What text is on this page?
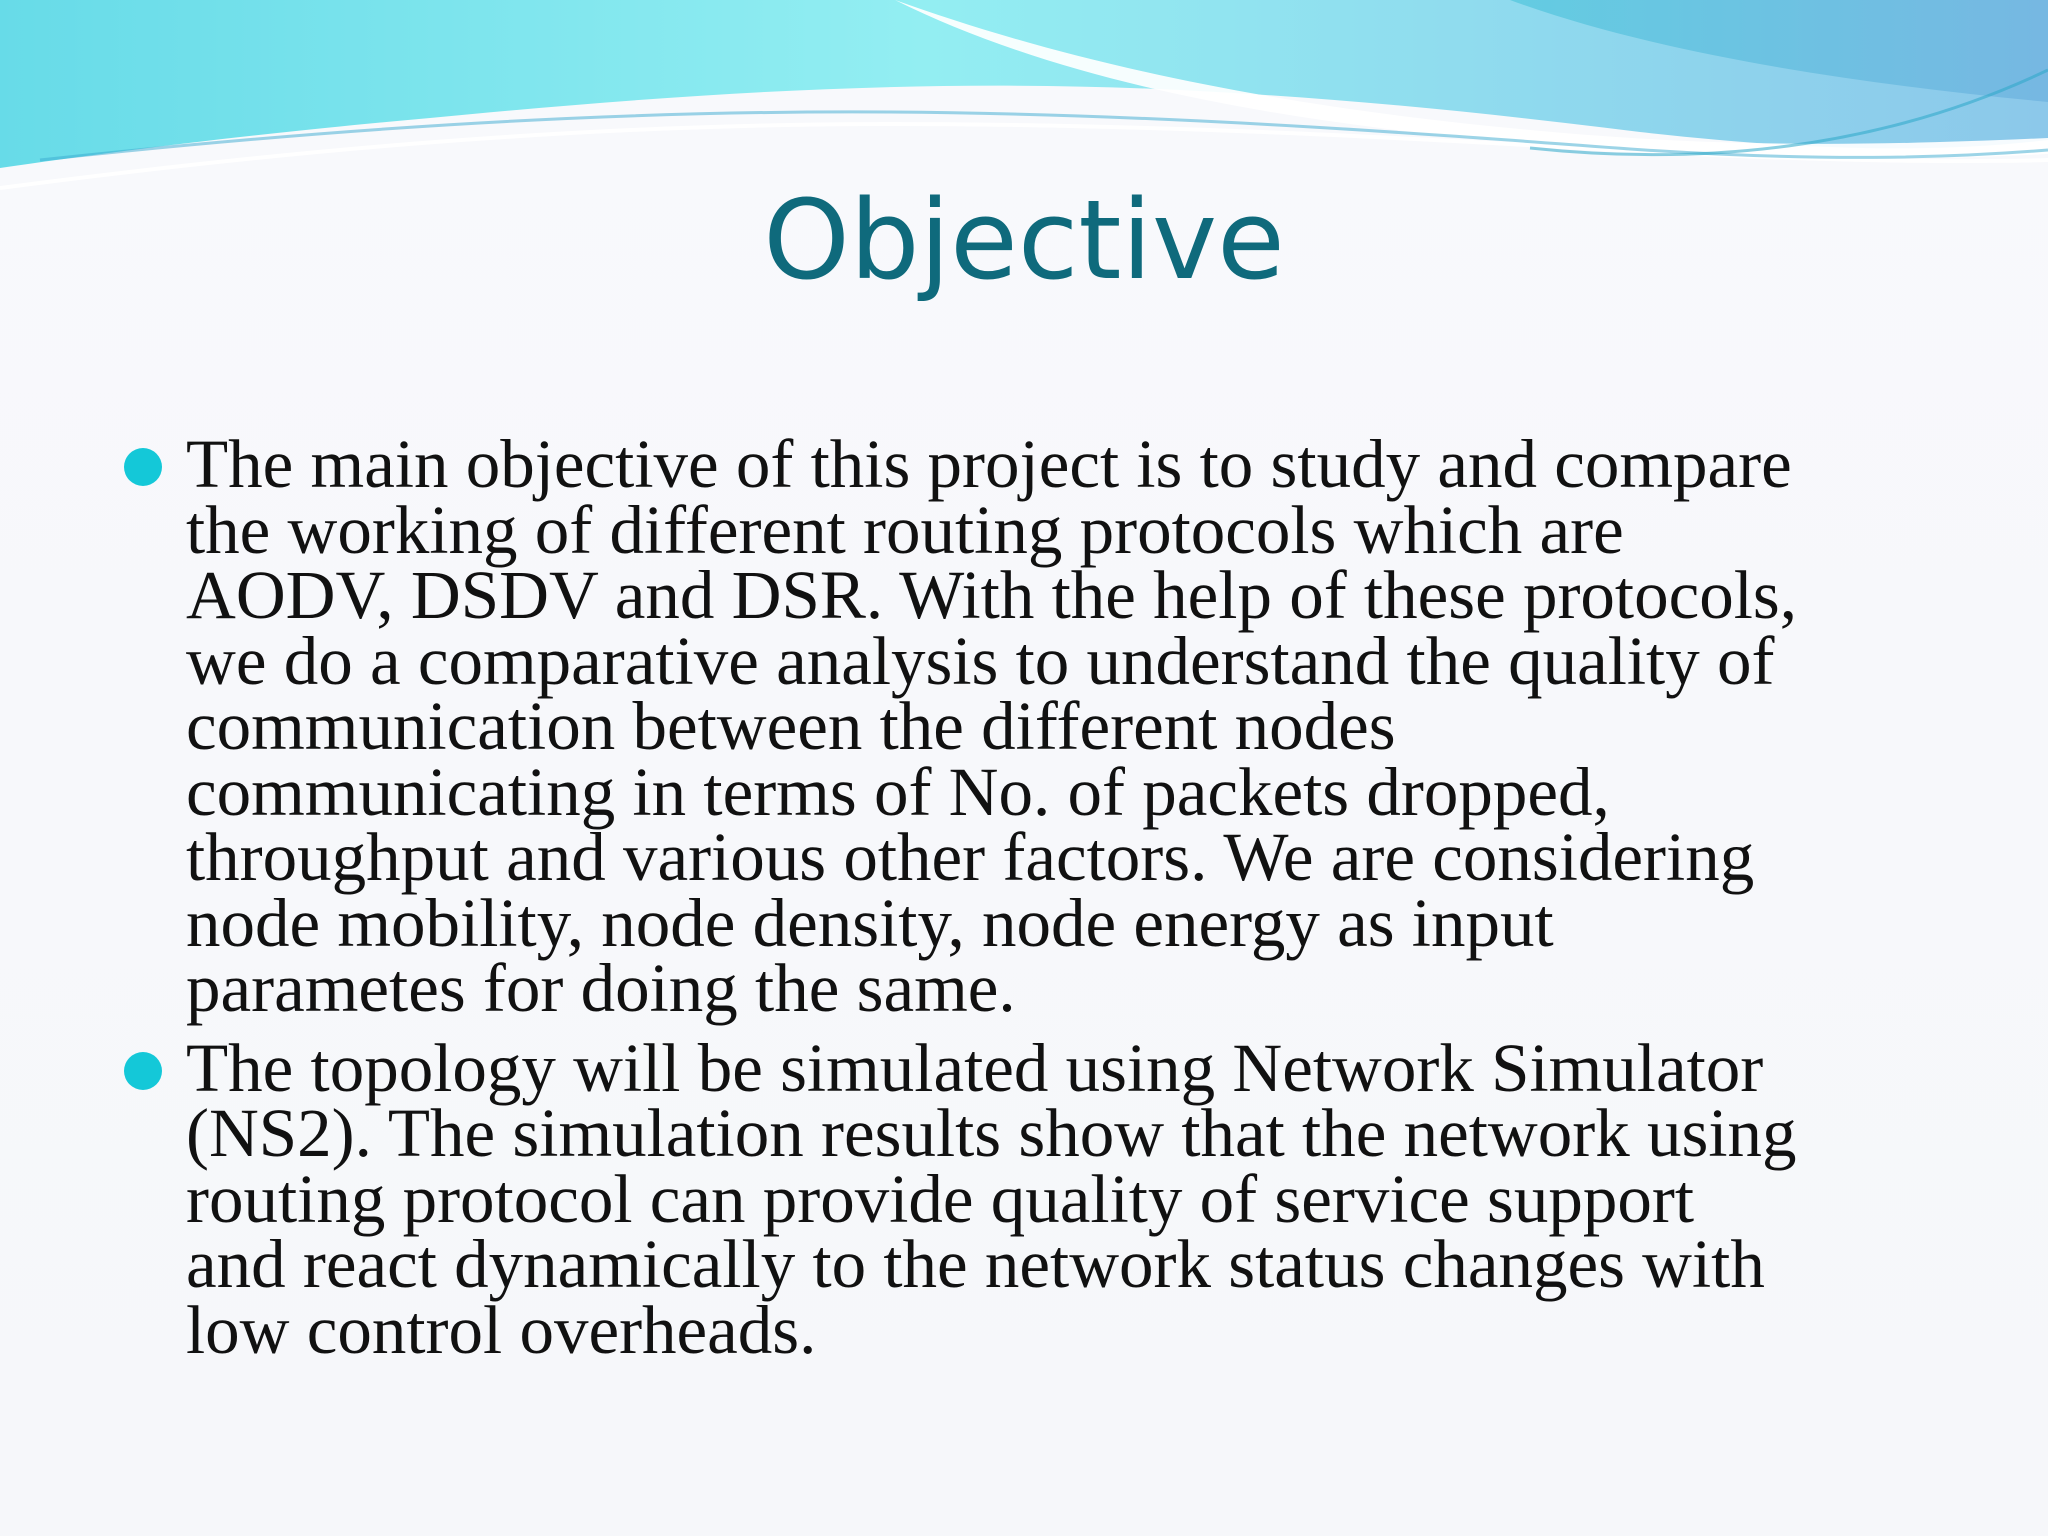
Objective
The main objective of this project is to study and compare
the working of different routing protocols which are
AODV, DSDV and DSR. With the help of these protocols,
we do a comparative analysis to understand the quality of
communication between the different nodes
communicating in terms of No. of packets dropped,
throughput and various other factors. We are considering
node mobility, node density, node energy as input
parametes for doing the same.
The topology will be simulated using Network Simulator
(NS2). The simulation results show that the network using
routing protocol can provide quality of service support
and react dynamically to the network status changes with
low control overheads.
